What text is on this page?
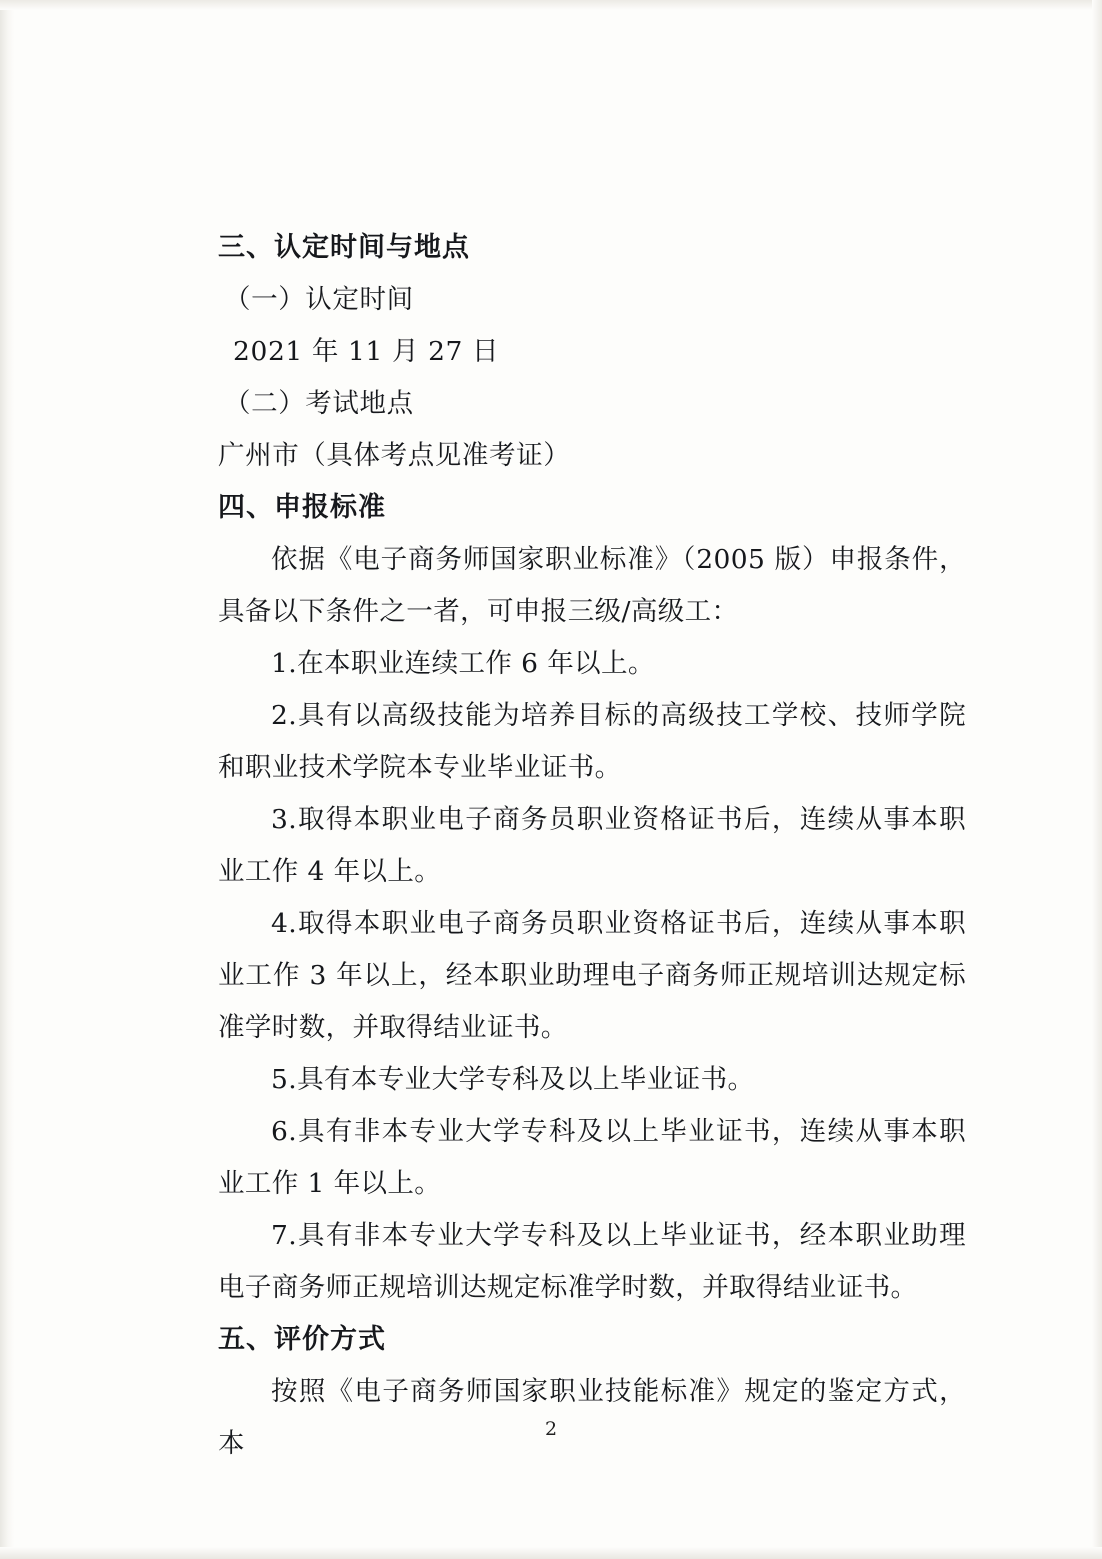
三、认定时间与地点
（一）认定时间
2021 年 11 月 27 日
（二）考试地点
广州市（具体考点见准考证）
四、申报标准
依据《电子商务师国家职业标准》（2005 版）申报条件，具备以下条件之一者，可申报三级/高级工：
1.在本职业连续工作 6 年以上。
2.具有以高级技能为培养目标的高级技工学校、技师学院和职业技术学院本专业毕业证书。
3.取得本职业电子商务员职业资格证书后，连续从事本职业工作 4 年以上。
4.取得本职业电子商务员职业资格证书后，连续从事本职业工作 3 年以上，经本职业助理电子商务师正规培训达规定标准学时数，并取得结业证书。
5.具有本专业大学专科及以上毕业证书。
6.具有非本专业大学专科及以上毕业证书，连续从事本职业工作 1 年以上。
7.具有非本专业大学专科及以上毕业证书，经本职业助理电子商务师正规培训达规定标准学时数，并取得结业证书。
五、评价方式
按照《电子商务师国家职业技能标准》规定的鉴定方式，本	2
